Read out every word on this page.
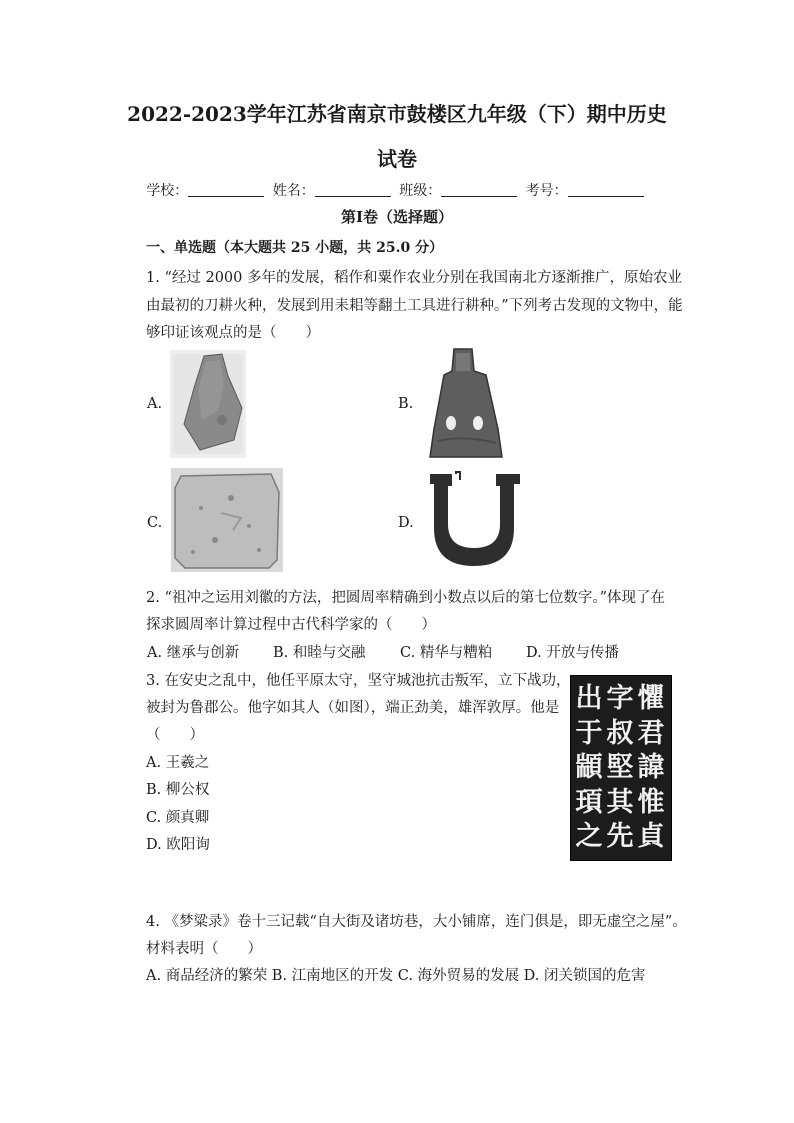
2022-2023学年江苏省南京市鼓楼区九年级（下）期中历史
试卷
学校：	姓名：	班级：	考号：
第Ⅰ卷（选择题）
一、单选题（本大题共 25 小题，共 25.0 分）
1. “经过 2000 多年的发展，稻作和粟作农业分别在我国南北方逐渐推广，原始农业
由最初的刀耕火种，发展到用耒耜等翻土工具进行耕种。”下列考古发现的文物中，能
够印证该观点的是（　　）
A.	B.
C.	D.
2. “祖冲之运用刘徽的方法，把圆周率精确到小数点以后的第七位数字。”体现了在
探求圆周率计算过程中古代科学家的（　　）
A. 继承与创新 B. 和睦与交融 C. 精华与糟粕 D. 开放与传播
3. 在安史之乱中，他任平原太守，坚守城池抗击叛军，立下战功，
被封为鲁郡公。他字如其人（如图），端正劲美，雄浑敦厚。他是
（　　）
A. 王羲之
B. 柳公权
C. 颜真卿
D. 欧阳询
懼君諱惟貞
字叔堅其先
出于顓頊之
4. 《梦粱录》卷十三记载“自大街及诸坊巷，大小铺席，连门俱是，即无虚空之屋”。
材料表明（　　）
A. 商品经济的繁荣 B. 江南地区的开发 C. 海外贸易的发展 D. 闭关锁国的危害
